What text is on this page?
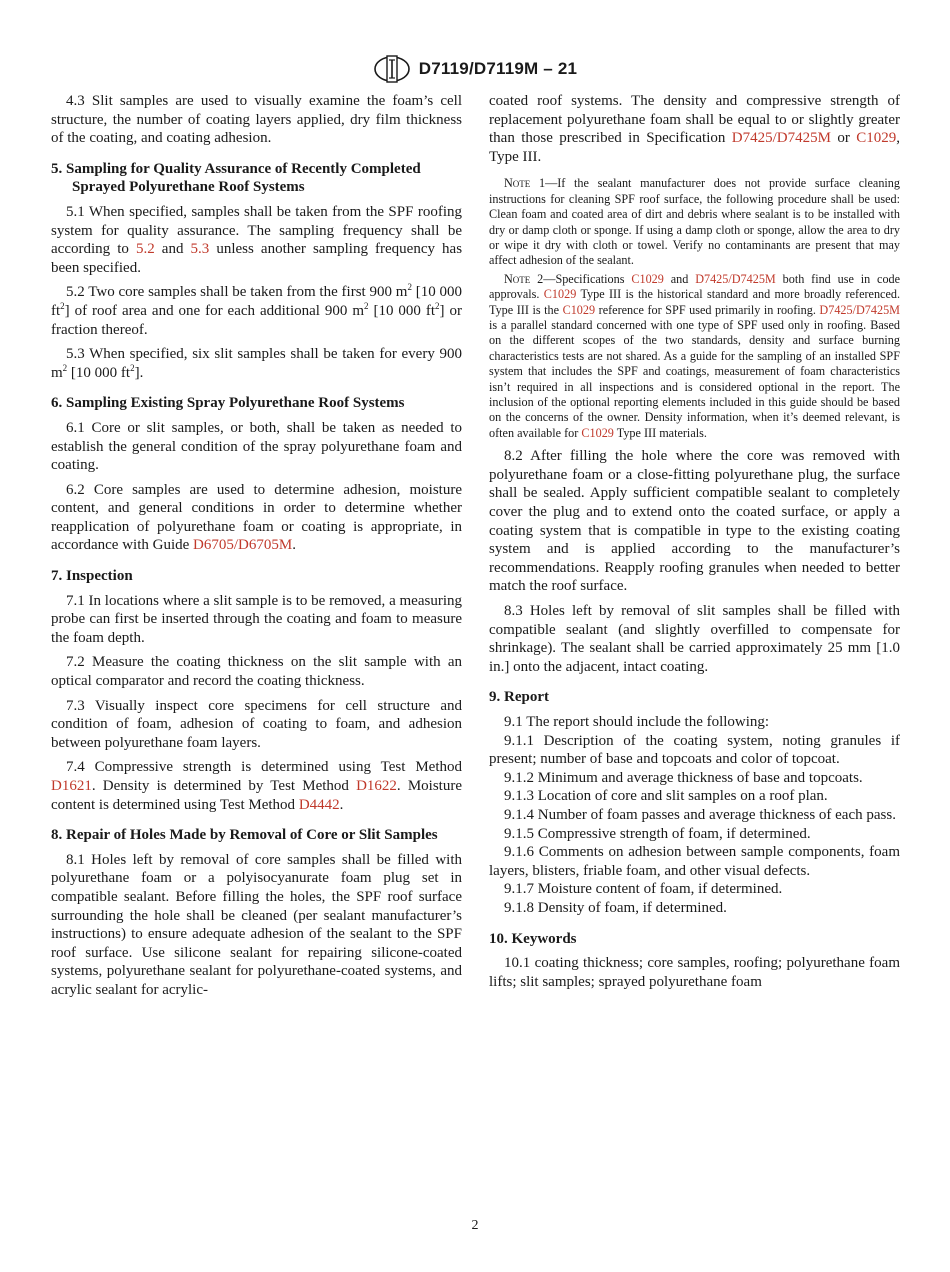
D7119/D7119M – 21

4.3 Slit samples are used to visually examine the foam’s cell structure, the number of coating layers applied, dry film thickness of the coating, and coating adhesion.

5. Sampling for Quality Assurance of Recently Completed Sprayed Polyurethane Roof Systems

5.1 When specified, samples shall be taken from the SPF roofing system for quality assurance. The sampling frequency shall be according to 5.2 and 5.3 unless another sampling frequency has been specified.

5.2 Two core samples shall be taken from the first 900 $m^2$ [10 000 $ft^2$] of roof area and one for each additional 900 $m^2$ [10 000 $ft^2$] or fraction thereof.

5.3 When specified, six slit samples shall be taken for every 900 $m^2$ [10 000 $ft^2$].

6. Sampling Existing Spray Polyurethane Roof Systems

6.1 Core or slit samples, or both, shall be taken as needed to establish the general condition of the spray polyurethane foam and coating.

6.2 Core samples are used to determine adhesion, moisture content, and general conditions in order to determine whether reapplication of polyurethane foam or coating is appropriate, in accordance with Guide D6705/D6705M.

7. Inspection

7.1 In locations where a slit sample is to be removed, a measuring probe can first be inserted through the coating and foam to measure the foam depth.

7.2 Measure the coating thickness on the slit sample with an optical comparator and record the coating thickness.

7.3 Visually inspect core specimens for cell structure and condition of foam, adhesion of coating to foam, and adhesion between polyurethane foam layers.

7.4 Compressive strength is determined using Test Method D1621. Density is determined by Test Method D1622. Moisture content is determined using Test Method D4442.

8. Repair of Holes Made by Removal of Core or Slit Samples

8.1 Holes left by removal of core samples shall be filled with polyurethane foam or a polyisocyanurate foam plug set in compatible sealant. Before filling the holes, the SPF roof surface surrounding the hole shall be cleaned (per sealant manufacturer’s instructions) to ensure adequate adhesion of the sealant to the SPF roof surface. Use silicone sealant for repairing silicone-coated systems, polyurethane sealant for polyurethane-coated systems, and acrylic sealant for acrylic-

coated roof systems. The density and compressive strength of replacement polyurethane foam shall be equal to or slightly greater than those prescribed in Specification D7425/D7425M or C1029, Type III.

Note 1—If the sealant manufacturer does not provide surface cleaning instructions for cleaning SPF roof surface, the following procedure shall be used: Clean foam and coated area of dirt and debris where sealant is to be installed with dry or damp cloth or sponge. If using a damp cloth or sponge, allow the area to dry or wipe it dry with cloth or towel. Verify no contaminants are present that may affect adhesion of the sealant.
Note 2—Specifications C1029 and D7425/D7425M both find use in code approvals. C1029 Type III is the historical standard and more broadly referenced. Type III is the C1029 reference for SPF used primarily in roofing. D7425/D7425M is a parallel standard concerned with one type of SPF used only in roofing. Based on the different scopes of the two standards, density and surface burning characteristics tests are not shared. As a guide for the sampling of an installed SPF system that includes the SPF and coatings, measurement of foam characteristics isn’t required in all inspections and is considered optional in the report. The inclusion of the optional reporting elements included in this guide should be based on the concerns of the owner. Density information, when it’s deemed relevant, is often available for C1029 Type III materials.

8.2 After filling the hole where the core was removed with polyurethane foam or a close-fitting polyurethane plug, the surface shall be sealed. Apply sufficient compatible sealant to completely cover the plug and to extend onto the coated surface, or apply a coating system that is compatible in type to the existing coating system and is applied according to the manufacturer’s recommendations. Reapply roofing granules when needed to better match the roof surface.

8.3 Holes left by removal of slit samples shall be filled with compatible sealant (and slightly overfilled to compensate for shrinkage). The sealant shall be carried approximately 25 mm [1.0 in.] onto the adjacent, intact coating.

9. Report

9.1 The report should include the following:

9.1.1 Description of the coating system, noting granules if present; number of base and topcoats and color of topcoat.

9.1.2 Minimum and average thickness of base and topcoats.

9.1.3 Location of core and slit samples on a roof plan.

9.1.4 Number of foam passes and average thickness of each pass.

9.1.5 Compressive strength of foam, if determined.

9.1.6 Comments on adhesion between sample components, foam layers, blisters, friable foam, and other visual defects.

9.1.7 Moisture content of foam, if determined.

9.1.8 Density of foam, if determined.

10. Keywords

10.1 coating thickness; core samples, roofing; polyurethane foam lifts; slit samples; sprayed polyurethane foam

2
